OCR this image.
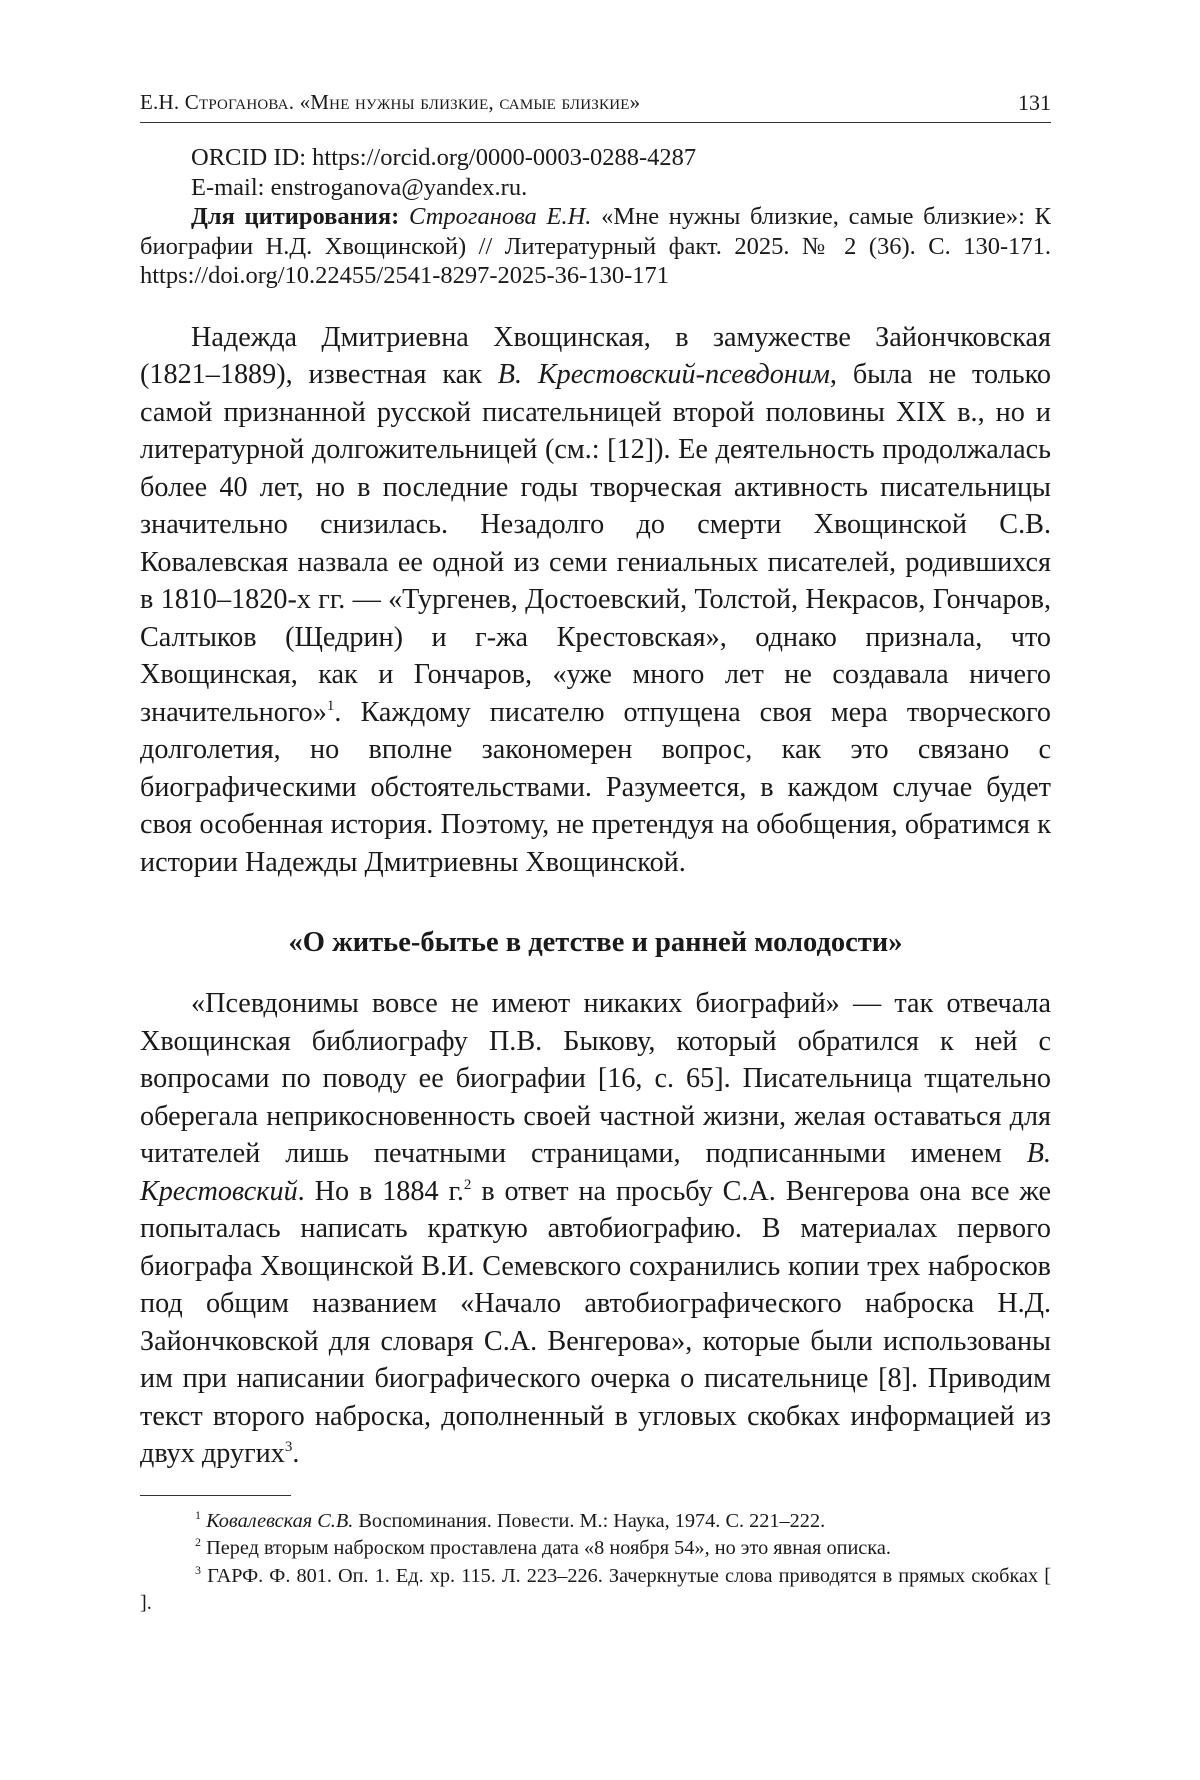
Е.Н. Строганова. «Мне нужны близкие, самые близкие»	131
ORCID ID: https://orcid.org/0000-0003-0288-4287
E-mail: enstroganova@yandex.ru.

Для цитирования: Строганова Е.Н. «Мне нужны близкие, самые близкие»: К биографии Н.Д. Хвощинской) // Литературный факт. 2025. № 2 (36). С. 130-171. https://doi.org/10.22455/2541-8297-2025-36-130-171

Надежда Дмитриевна Хвощинская, в замужестве Зайончковская (1821–1889), известная как В. Крестовский-псевдоним, была не только самой признанной русской писательницей второй половины XIX в., но и литературной долгожительницей (см.: [12]). Ее деятельность продолжалась более 40 лет, но в последние годы творческая активность писательницы значительно снизилась. Незадолго до смерти Хвощинской С.В. Ковалевская назвала ее одной из семи гениальных писателей, родившихся в 1810–1820-х гг. — «Тургенев, Достоевский, Толстой, Некрасов, Гончаров, Салтыков (Щедрин) и г-жа Крестовская», однако признала, что Хвощинская, как и Гончаров, «уже много лет не создавала ничего значительного»$^1$. Каждому писателю отпущена своя мера творческого долголетия, но вполне закономерен вопрос, как это связано с биографическими обстоятельствами. Разумеется, в каждом случае будет своя особенная история. Поэтому, не претендуя на обобщения, обратимся к истории Надежды Дмитриевны Хвощинской.

«О житье-бытье в детстве и ранней молодости»

«Псевдонимы вовсе не имеют никаких биографий» — так отвечала Хвощинская библиографу П.В. Быкову, который обратился к ней с вопросами по поводу ее биографии [16, с. 65]. Писательница тщательно оберегала неприкосновенность своей частной жизни, желая оставаться для читателей лишь печатными страницами, подписанными именем В. Крестовский. Но в 1884 г.$^2$ в ответ на просьбу С.А. Венгерова она все же попыталась написать краткую автобиографию. В материалах первого биографа Хвощинской В.И. Семевского сохранились копии трех набросков под общим названием «Начало автобиографического наброска Н.Д. Зайончковской для словаря С.А. Венгерова», которые были использованы им при написании биографического очерка о писательнице [8]. Приводим текст второго наброска, дополненный в угловых скобках информацией из двух других$^3$.

$^1$ Ковалевская С.В. Воспоминания. Повести. М.: Наука, 1974. С. 221–222.

$^2$ Перед вторым наброском проставлена дата «8 ноября 54», но это явная описка.

$^3$ ГАРФ. Ф. 801. Оп. 1. Ед. хр. 115. Л. 223–226. Зачеркнутые слова приводятся в прямых скобках [ ].
